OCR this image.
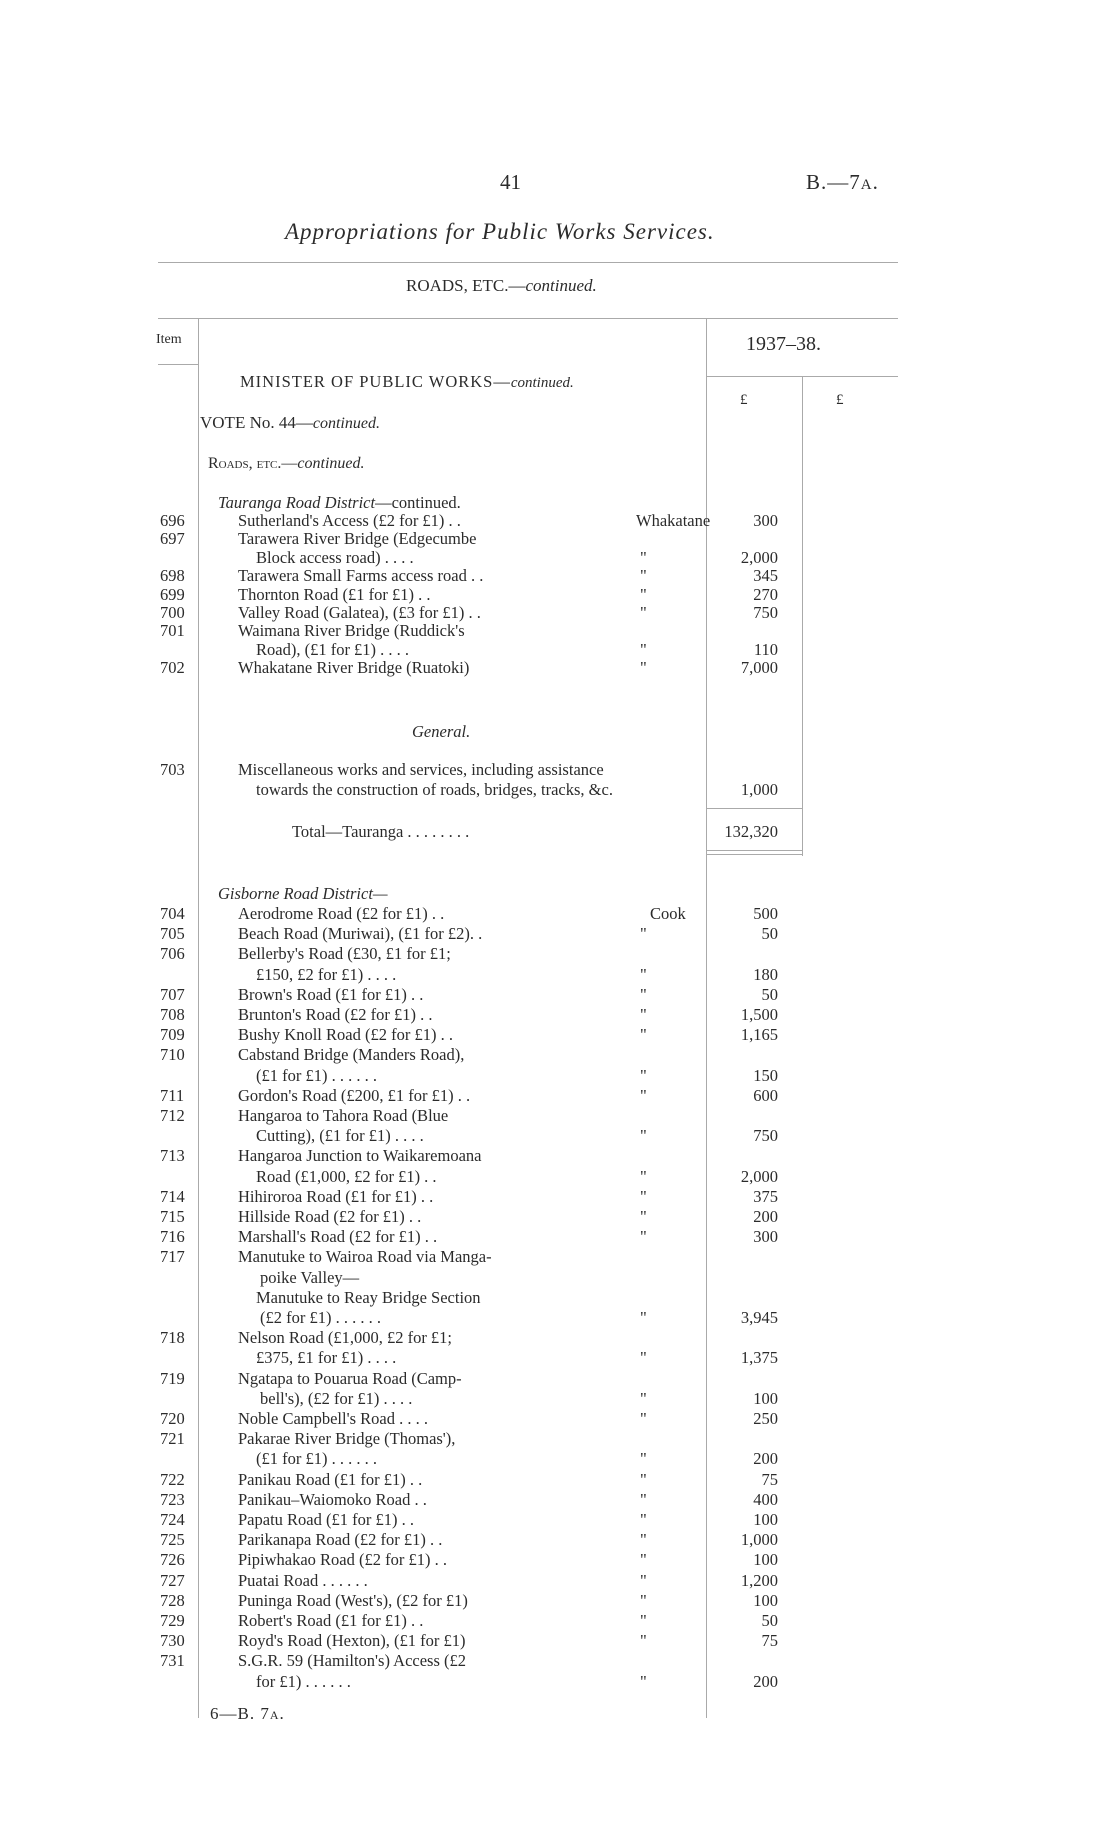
41	B.—7a.
Appropriations for Public Works Services.
ROADS, ETC.—continued.
Item	1937–38.
£	£
MINISTER OF PUBLIC WORKS—continued.
VOTE No. 44—continued.
Roads, etc.—continued.
Tauranga Road District—continued.
696	Sutherland's Access (£2 for £1) . .	Whakatane	300
697	Tarawera River Bridge (Edgecumbe
Block access road) . . . .	"	2,000
698	Tarawera Small Farms access road . .	"	345
699	Thornton Road (£1 for £1) . .	"	270
700	Valley Road (Galatea), (£3 for £1) . .	"	750
701	Waimana River Bridge (Ruddick's
Road), (£1 for £1) . . . .	"	110
702	Whakatane River Bridge (Ruatoki)	"	7,000
General.
703	Miscellaneous works and services, including assistance
towards the construction of roads, bridges, tracks, &c.	1,000
Total—Tauranga . . . . . . . .	132,320
Gisborne Road District—
704	Aerodrome Road (£2 for £1) . .	Cook	500
705	Beach Road (Muriwai), (£1 for £2). .	"	50
706	Bellerby's Road (£30, £1 for £1;
£150, £2 for £1) . . . .	"	180
707	Brown's Road (£1 for £1) . .	"	50
708	Brunton's Road (£2 for £1) . .	"	1,500
709	Bushy Knoll Road (£2 for £1) . .	"	1,165
710	Cabstand Bridge (Manders Road),
(£1 for £1) . . . . . .	"	150
711	Gordon's Road (£200, £1 for £1) . .	"	600
712	Hangaroa to Tahora Road (Blue
Cutting), (£1 for £1) . . . .	"	750
713	Hangaroa Junction to Waikaremoana
Road (£1,000, £2 for £1) . .	"	2,000
714	Hihiroroa Road (£1 for £1) . .	"	375
715	Hillside Road (£2 for £1) . .	"	200
716	Marshall's Road (£2 for £1) . .	"	300
717	Manutuke to Wairoa Road via Manga-
poike Valley—
Manutuke to Reay Bridge Section
(£2 for £1) . . . . . .	"	3,945
718	Nelson Road (£1,000, £2 for £1;
£375, £1 for £1) . . . .	"	1,375
719	Ngatapa to Pouarua Road (Camp-
bell's), (£2 for £1) . . . .	"	100
720	Noble Campbell's Road . . . .	"	250
721	Pakarae River Bridge (Thomas'),
(£1 for £1) . . . . . .	"	200
722	Panikau Road (£1 for £1) . .	"	75
723	Panikau–Waiomoko Road . .	"	400
724	Papatu Road (£1 for £1) . .	"	100
725	Parikanapa Road (£2 for £1) . .	"	1,000
726	Pipiwhakao Road (£2 for £1) . .	"	100
727	Puatai Road . . . . . .	"	1,200
728	Puninga Road (West's), (£2 for £1)	"	100
729	Robert's Road (£1 for £1) . .	"	50
730	Royd's Road (Hexton), (£1 for £1)	"	75
731	S.G.R. 59 (Hamilton's) Access (£2
for £1) . . . . . .	"	200
6—B. 7a.
